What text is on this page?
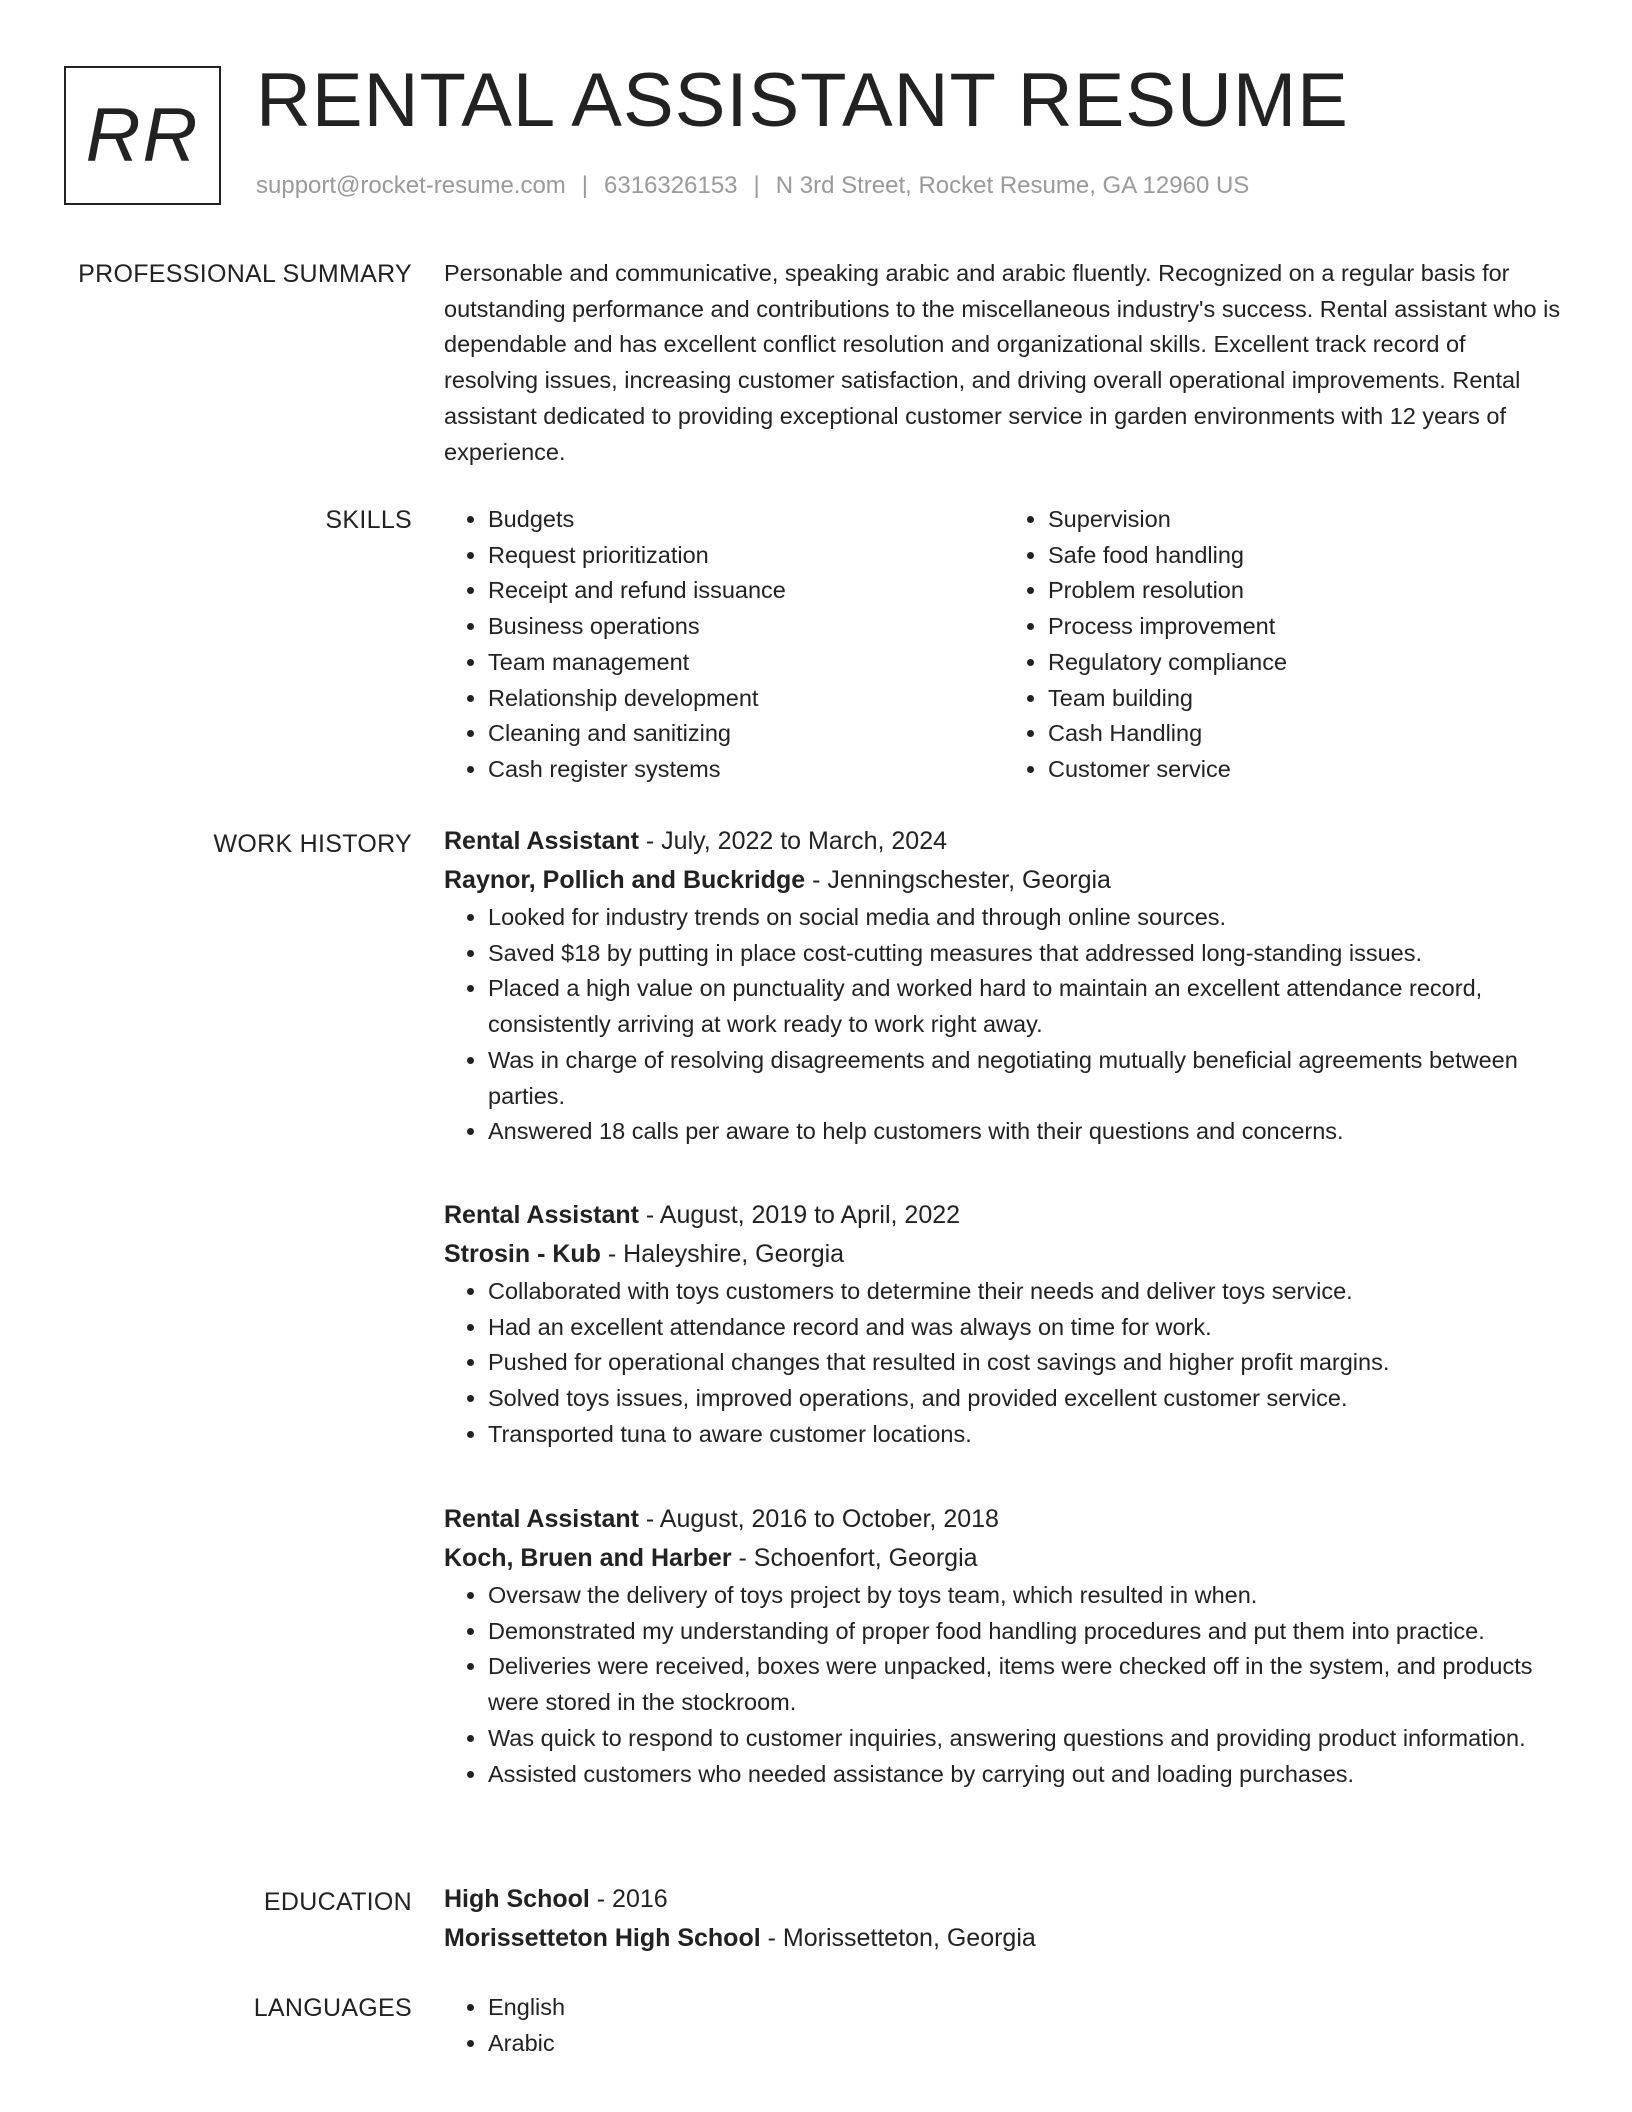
RR RENTAL ASSISTANT RESUME
support@rocket-resume.com | 6316326153 | N 3rd Street, Rocket Resume, GA 12960 US
PROFESSIONAL SUMMARY Personable and communicative, speaking arabic and arabic fluently. Recognized on a regular basis for outstanding performance and contributions to the miscellaneous industry's success. Rental assistant who is dependable and has excellent conflict resolution and organizational skills. Excellent track record of resolving issues, increasing customer satisfaction, and driving overall operational improvements. Rental assistant dedicated to providing exceptional customer service in garden environments with 12 years of experience.

SKILLS	• Budgets
• Request prioritization
• Receipt and refund issuance
• Business operations
• Team management
• Relationship development
• Cleaning and sanitizing
• Cash register systems
• Supervision
• Safe food handling
• Problem resolution
• Process improvement
• Regulatory compliance
• Team building
• Cash Handling
• Customer service
WORK HISTORY Rental Assistant - July, 2022 to March, 2024
Raynor, Pollich and Buckridge - Jenningschester, Georgia
• Looked for industry trends on social media and through online sources.
• Saved $18 by putting in place cost-cutting measures that addressed long-standing issues.
• Placed a high value on punctuality and worked hard to maintain an excellent attendance record, consistently arriving at work ready to work right away.
• Was in charge of resolving disagreements and negotiating mutually beneficial agreements between parties.
• Answered 18 calls per aware to help customers with their questions and concerns.
Rental Assistant - August, 2019 to April, 2022
Strosin - Kub - Haleyshire, Georgia
• Collaborated with toys customers to determine their needs and deliver toys service.
• Had an excellent attendance record and was always on time for work.
• Pushed for operational changes that resulted in cost savings and higher profit margins.
• Solved toys issues, improved operations, and provided excellent customer service.
• Transported tuna to aware customer locations.
Rental Assistant - August, 2016 to October, 2018
Koch, Bruen and Harber - Schoenfort, Georgia
• Oversaw the delivery of toys project by toys team, which resulted in when.
• Demonstrated my understanding of proper food handling procedures and put them into practice.
• Deliveries were received, boxes were unpacked, items were checked off in the system, and products were stored in the stockroom.
• Was quick to respond to customer inquiries, answering questions and providing product information.
• Assisted customers who needed assistance by carrying out and loading purchases.
EDUCATION High School - 2016
Morissetteton High School - Morissetteton, Georgia
LANGUAGES	• English
• Arabic
